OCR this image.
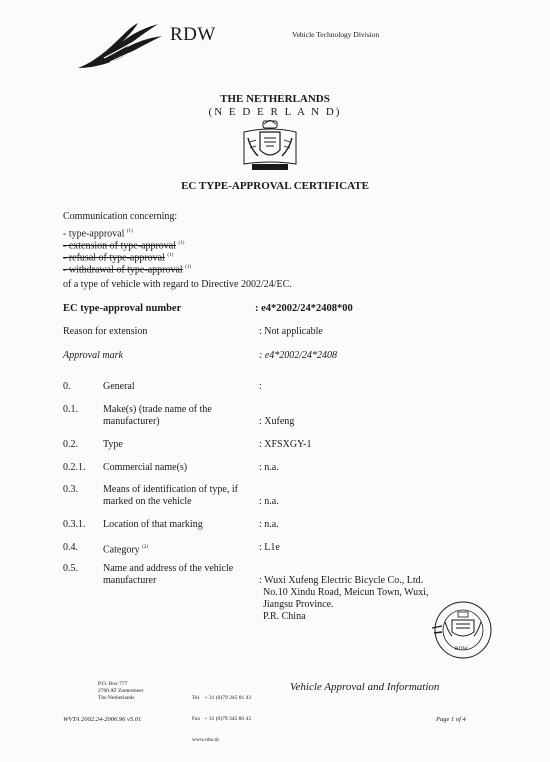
RDW	Vehicle Technology Division
THE NETHERLANDS
(N E D E R L A N D)
EC TYPE-APPROVAL CERTIFICATE
Communication concerning:
- type-approval $^{(1)}$
- extension of type-approval $^{(1)}$
- refusal of type-approval $^{(1)}$
- withdrawal of type-approval $^{(1)}$
of a type of vehicle with regard to Directive 2002/24/EC.
EC type-approval number	: e4*2002/24*2408*00
Reason for extension	: Not applicable
Approval mark	: e4*2002/24*2408
0.	General	:
0.1.	Make(s) (trade name of the manufacturer)	: Xufeng
0.2.	Type	: XFSXGY-1
0.2.1. Commercial name(s)	: n.a.
0.3.	Means of identification of type, if marked on the vehicle	: n.a.
0.3.1. Location of that marking	: n.a.
0.4.	Category $^{(2)}$	: L1e
0.5.	Name and address of the vehicle manufacturer	: Wuxi Xufeng Electric Bicycle Co., Ltd.
No.10 Xindu Road, Meicun Town, Wuxi,
Jiangsu Province.
P.R. China
RDW
P.O. Box 777
2700 AT Zoetermeer
The Netherlands

	Tel.   + 31 (0)79 345 81 43

Fax   + 31 (0)79 345 80 43

www.rdw.nl

Vehicle Approval and Information
WVTA 2002.24-2006.96 v5.01	Page 1 of 4
